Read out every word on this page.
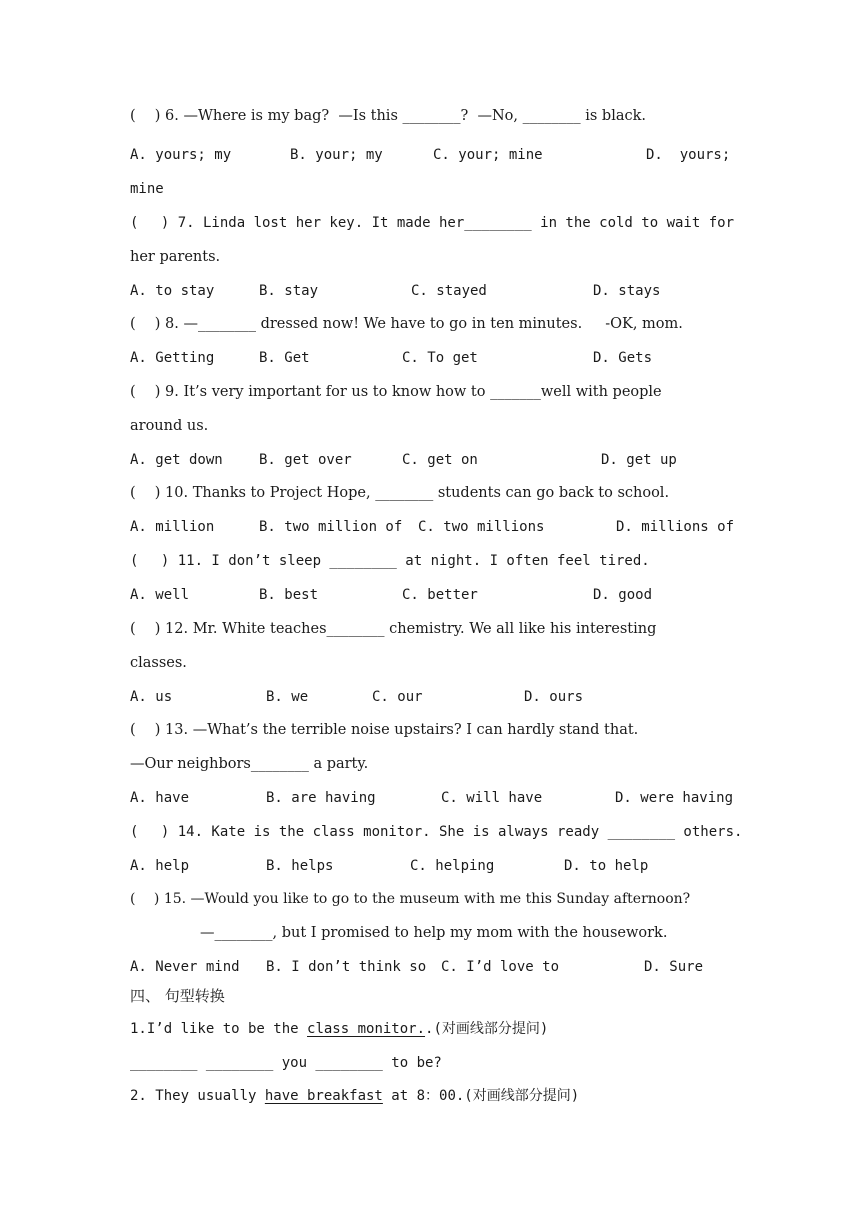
(　 ) 6. —Where is my bag?  —Is this ________?  —No, ________ is black.

A. yours; my

	B. your; my

	C. your; mine

	D.  yours;

mine
(　 ) 7. Linda lost her key. It made her________ in the cold to wait for
her parents.

A. to stay

	B. stay

	C. stayed

	D. stays

(　 ) 8. —________ dressed now! We have to go in ten minutes.     -OK, mom.

A. Getting

	B. Get

	C. To get

	D. Gets

(　 ) 9. It’s very important for us to know how to _______well with people
around us.

A. get down

	B. get over

	C. get on

	D. get up

(　 ) 10. Thanks to Project Hope, ________ students can go back to school.

A. million

	B. two million of

C. two millions

	D. millions of

(　 ) 11. I don’t sleep ________ at night. I often feel tired.

A. well

	B. best

	C. better

	D. good

(　 ) 12. Mr. White teaches________ chemistry. We all like his interesting
classes.

A. us

	B. we

	C. our

	D. ours

(　 ) 13. —What’s the terrible noise upstairs? I can hardly stand that.
—Our neighbors________ a party.

A. have

	B. are having

	C. will have

	D. were having

(　 ) 14. Kate is the class monitor. She is always ready ________ others.

A. help

	B. helps

	C. helping

	D. to help

(　 ) 15. —Would you like to go to the museum with me this Sunday afternoon?
—________, but I promised to help my mom with the housework.

A. Never mind

B. I don’t think so

C. I’d love to

	D. Sure

四、 句型转换
1.I’d like to be the class monitor..(对画线部分提问)
________ ________ you ________ to be?
2. They usually have breakfast at 8：00.(对画线部分提问)
